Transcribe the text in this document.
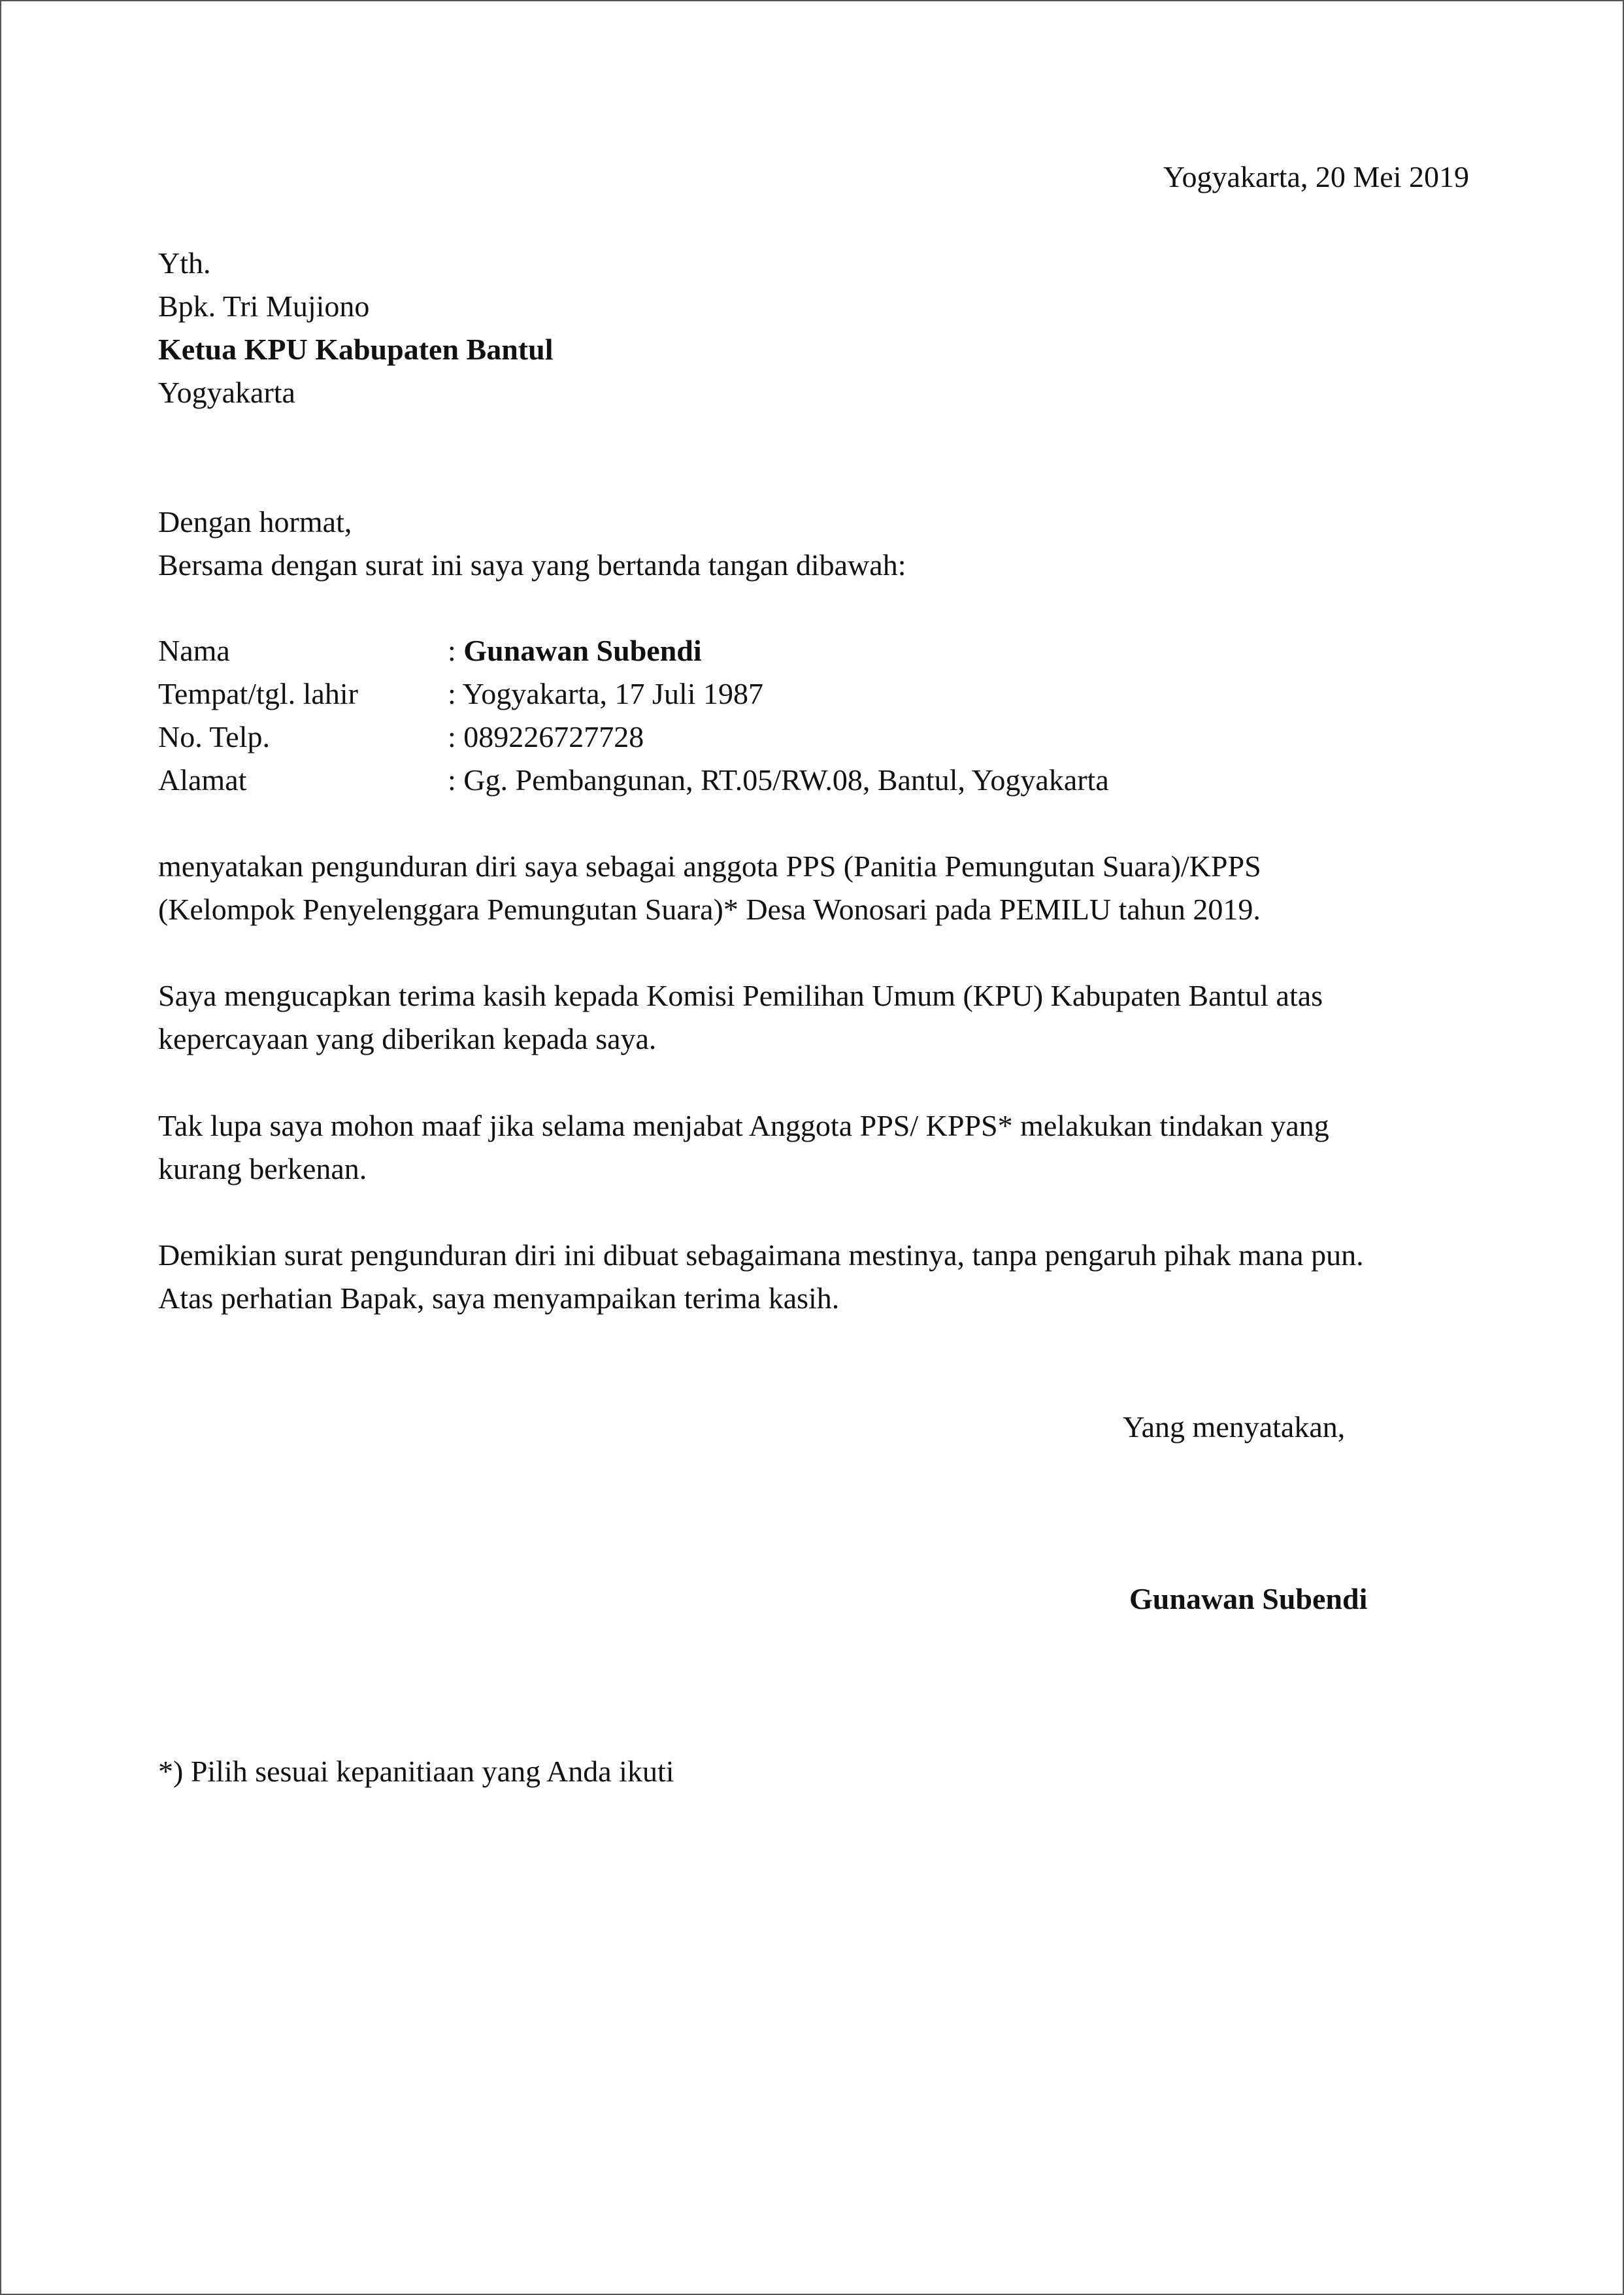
Yogyakarta, 20 Mei 2019
Yth.
Bpk. Tri Mujiono
Ketua KPU Kabupaten Bantul
Yogyakarta
Dengan hormat,
Bersama dengan surat ini saya yang bertanda tangan dibawah:
Nama	: Gunawan Subendi
Tempat/tgl. lahir	: Yogyakarta, 17 Juli 1987
No. Telp.	: 089226727728
Alamat	: Gg. Pembangunan, RT.05/RW.08, Bantul, Yogyakarta
menyatakan pengunduran diri saya sebagai anggota PPS (Panitia Pemungutan Suara)/KPPS
(Kelompok Penyelenggara Pemungutan Suara)* Desa Wonosari pada PEMILU tahun 2019.
Saya mengucapkan terima kasih kepada Komisi Pemilihan Umum (KPU) Kabupaten Bantul atas
kepercayaan yang diberikan kepada saya.
Tak lupa saya mohon maaf jika selama menjabat Anggota PPS/ KPPS* melakukan tindakan yang
kurang berkenan.
Demikian surat pengunduran diri ini dibuat sebagaimana mestinya, tanpa pengaruh pihak mana pun.
Atas perhatian Bapak, saya menyampaikan terima kasih.
Yang menyatakan,
Gunawan Subendi
*) Pilih sesuai kepanitiaan yang Anda ikuti
